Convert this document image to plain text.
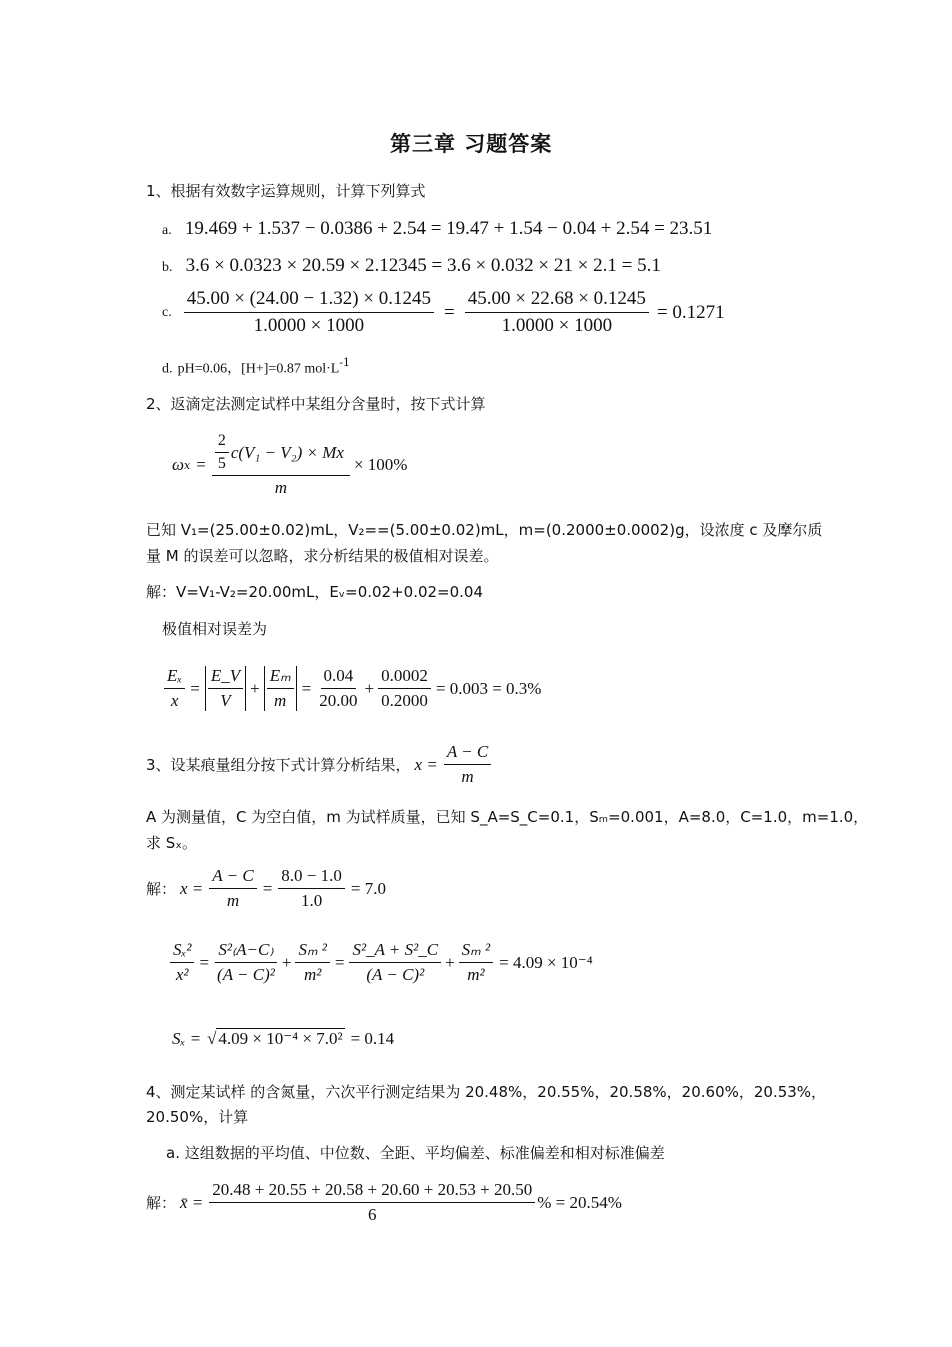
第三章 习题答案
1、根据有效数字运算规则，计算下列算式
a. 19.469 + 1.537 − 0.0386 + 2.54 = 19.47 + 1.54 − 0.04 + 2.54 = 23.51
b. 3.6 × 0.0323 × 20.59 × 2.12345 = 3.6 × 0.032 × 21 × 2.1 = 5.1
c. $\frac{45.00 \times (24.00 - 1.32) \times 0.1245}{1.0000 \times 1000} = \frac{45.00 \times 22.68 \times 0.1245}{1.0000 \times 1000} = 0.1271$
d. pH=0.06，[H+]=0.87 $mol\cdot L^{-1}$
2、返滴定法测定试样中某组分含量时，按下式计算
ω $x = \frac{\frac{2}{5} c(V_1 - V_2) \times Mx}{m} \times 100\%$
已知 V₁=(25.00±0.02)mL，V₂==(5.00±0.02)mL，m=(0.2000±0.0002)g，设浓度 c 及摩尔质
量 M 的误差可以忽略，求分析结果的极值相对误差。
解：V=V₁-V₂=20.00mL，Eᵥ=0.02+0.02=0.04
极值相对误差为
$\frac{\text{Eₓ}}{x} = \frac{E\_V}{V} + \frac{\text{Eₘ}}{m} = \frac{0.04}{20.00} + \frac{0.0002}{0.2000} = 0.003 = 0.3\%$
3、设某痕量组分按下式计算分析结果， $x = \frac{A - C}{m}$
A 为测量值，C 为空白值，m 为试样质量，已知 S_A=S_C=0.1，Sₘ=0.001，A=8.0，C=1.0，m=1.0，
求 Sₓ。
解： $x = \frac{A - C}{m} = \frac{8.0 - 1.0}{1.0} = 7.0$
$\frac{\text{Sₓ²}}{\text{x²}} = \frac{\text{S²₍A−C₎}}{\text{(A − C)²}} + \frac{\text{Sₘ ²}}{\text{m²}} = \frac{\text{S²\_A + S²\_C}}{\text{(A − C)²}} + \frac{\text{Sₘ ²}}{\text{m²}} = 4.09 \times 10^{-4}$
Sₓ = √ 4.09 × 10⁻⁴ × 7.0² = 0.14
4、测定某试样 的含氮量，六次平行测定结果为 20.48%，20.55%，20.58%，20.60%，20.53%，
20.50%，计算
a. 这组数据的平均值、中位数、全距、平均偏差、标准偏差和相对标准偏差
解： x̄ = $\frac{20.48 + 20.55 + 20.58 + 20.60 + 20.53 + 20.50}{6}$ % = 20.54%
